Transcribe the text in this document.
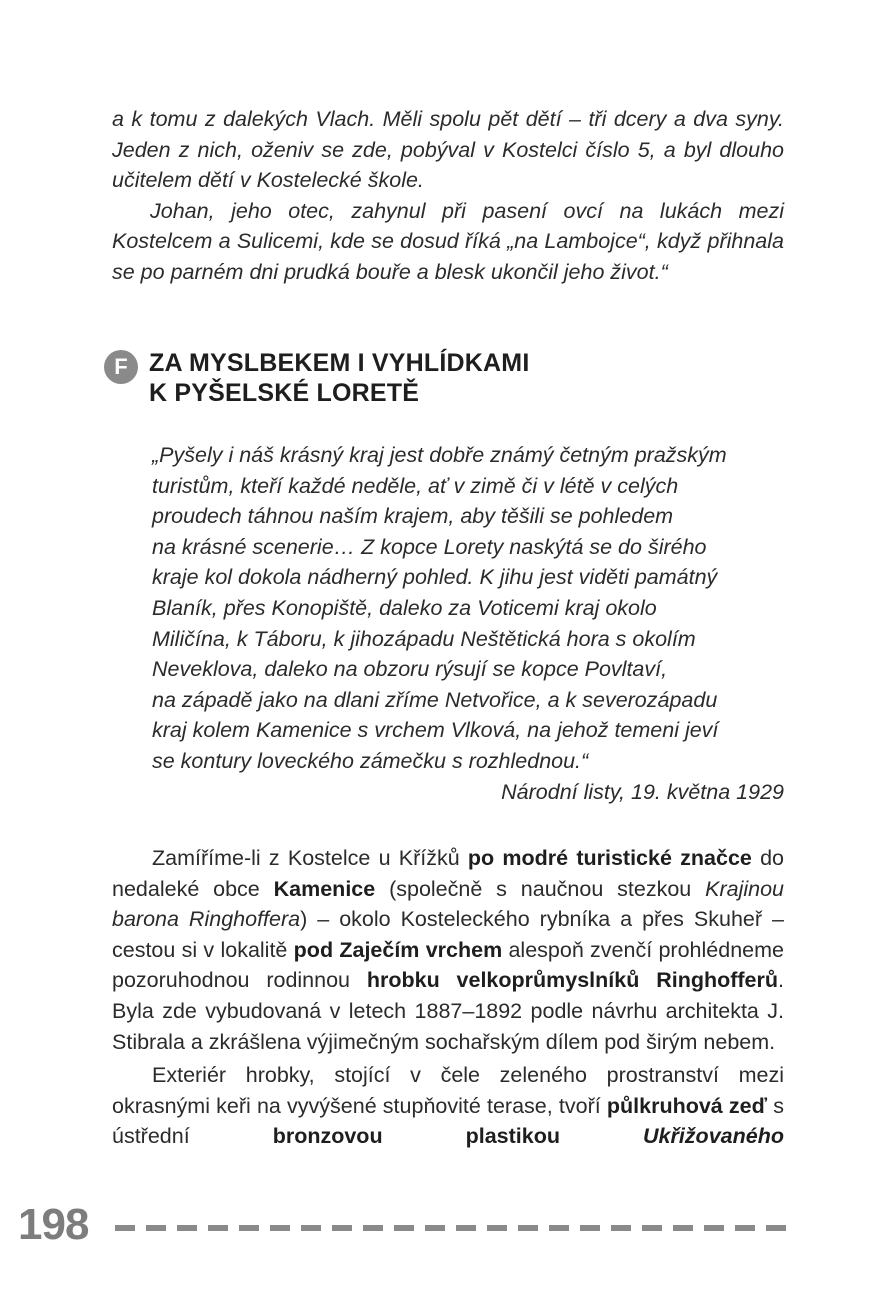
a k tomu z dalekých Vlach. Měli spolu pět dětí – tři dcery a dva syny. Jeden z nich, oženiv se zde, pobýval v Kostelci číslo 5, a byl dlouho učitelem dětí v Kostelecké škole.

Johan, jeho otec, zahynul při pasení ovcí na lukách mezi Kostelcem a Sulicemi, kde se dosud říká „na Lambojce“, když přihnala se po parném dni prudká bouře a blesk ukončil jeho život.“

F ZA MYSLBEKEM I VYHLÍDKAMI
K PYŠELSKÉ LORETĚ

„Pyšely i náš krásný kraj jest dobře známý četným pražským
turistům, kteří každé neděle, ať v zimě či v létě v celých
proudech táhnou naším krajem, aby těšili se pohledem
na krásné scenerie… Z kopce Lorety naskýtá se do širého
kraje kol dokola nádherný pohled. K jihu jest viděti památný
Blaník, přes Konopiště, daleko za Voticemi kraj okolo
Miličína, k Táboru, k jihozápadu Neštětická hora s okolím
Neveklova, daleko na obzoru rýsují se kopce Povltaví,
na západě jako na dlani zříme Netvořice, a k severozápadu
kraj kolem Kamenice s vrchem Vlková, na jehož temeni jeví
se kontury loveckého zámečku s rozhlednou.“

Národní listy, 19. května 1929

Zamíříme-li z Kostelce u Křížků po modré turistické značce do nedaleké obce Kamenice (společně s naučnou stezkou Krajinou barona Ringhoffera) – okolo Kosteleckého rybníka a přes Skuheř – cestou si v lokalitě pod Zaječím vrchem alespoň zvenčí prohlédneme pozoruhodnou rodinnou hrobku velkoprůmyslníků Ringhofferů. Byla zde vybudovaná v letech 1887–1892 podle návrhu architekta J. Stibrala a zkrášlena výjimečným sochařským dílem pod širým nebem.

Exteriér hrobky, stojící v čele zeleného prostranství mezi okrasnými keři na vyvýšené stupňovité terase, tvoří půlkruhová zeď s ústřední bronzovou plastikou	Ukřižovaného

198
